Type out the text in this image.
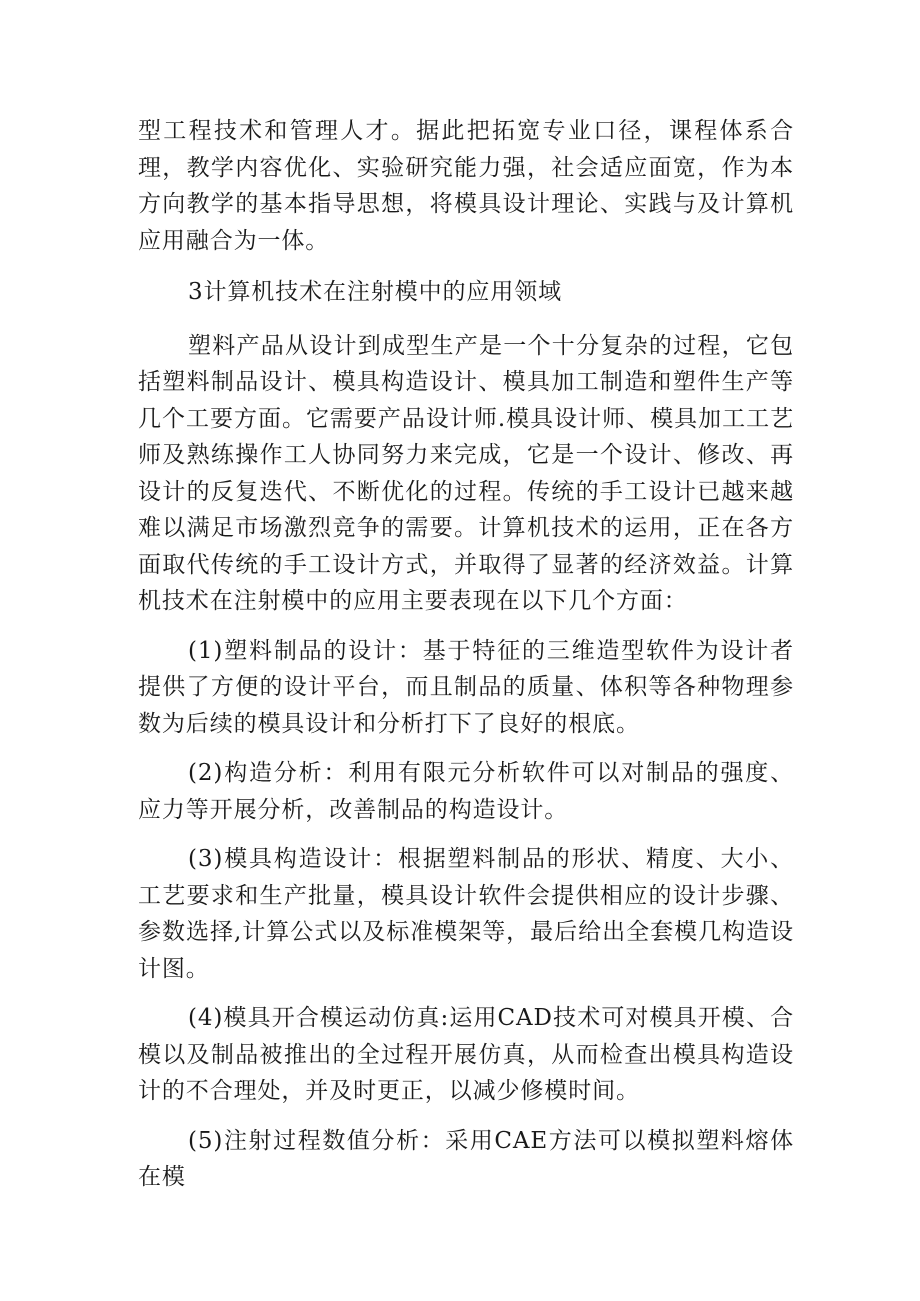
型工程技术和管理人才。据此把拓宽专业口径，课程体系合理，教学内容优化、实验研究能力强，社会适应面宽，作为本方向教学的基本指导思想，将模具设计理论、实践与及计算机应用融合为一体。

3计算机技术在注射模中的应用领域

塑料产品从设计到成型生产是一个十分复杂的过程，它包括塑料制品设计、模具构造设计、模具加工制造和塑件生产等几个工要方面。它需要产品设计师.模具设计师、模具加工工艺师及熟练操作工人协同努力来完成，它是一个设计、修改、再设计的反复迭代、不断优化的过程。传统的手工设计已越来越难以满足市场激烈竞争的需要。计算机技术的运用，正在各方面取代传统的手工设计方式，并取得了显著的经济效益。计算机技术在注射模中的应用主要表现在以下几个方面：

(1)塑料制品的设计：基于特征的三维造型软件为设计者提供了方便的设计平台，而且制品的质量、体积等各种物理参数为后续的模具设计和分析打下了良好的根底。

(2)构造分析：利用有限元分析软件可以对制品的强度、应力等开展分析，改善制品的构造设计。

(3)模具构造设计：根据塑料制品的形状、精度、大小、工艺要求和生产批量，模具设计软件会提供相应的设计步骤、参数选择,计算公式以及标准模架等，最后给出全套模几构造设计图。

(4)模具开合模运动仿真:运用CAD技术可对模具开模、合模以及制品被推出的全过程开展仿真，从而检查出模具构造设计的不合理处，并及时更正，以减少修模时间。

(5)注射过程数值分析：采用CAE方法可以模拟塑料熔体在模
